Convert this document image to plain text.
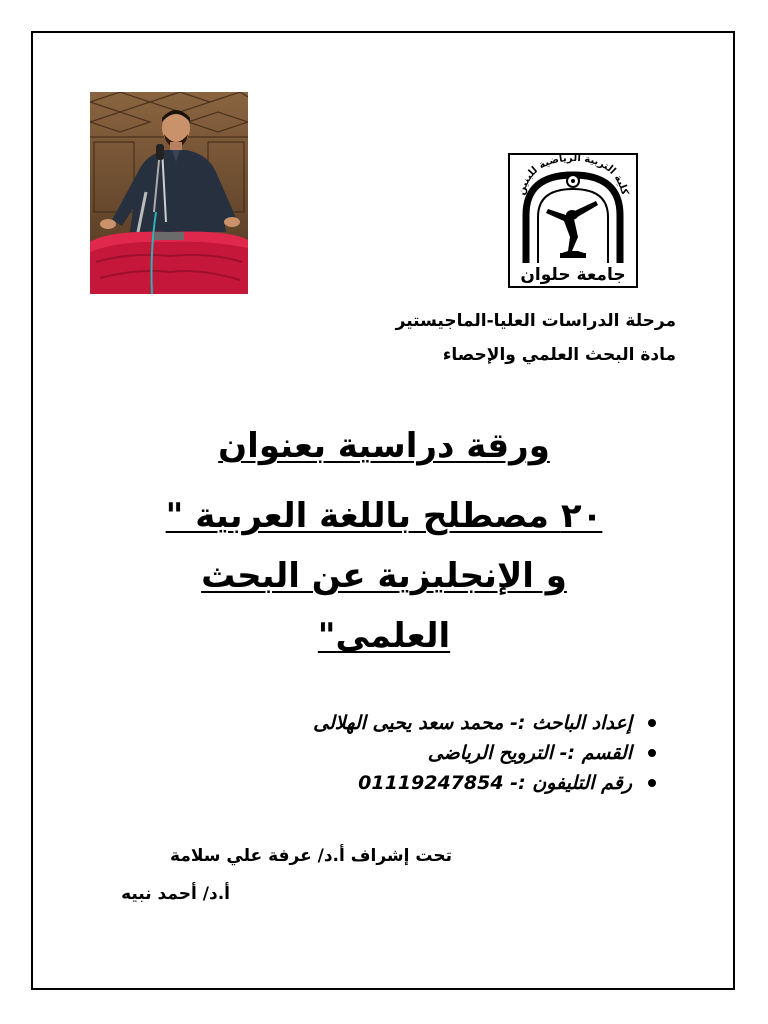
جامعة حلوان
كلية التربية الرياضية للبنين
مرحلة الدراسات العليا-الماجيستير
مادة البحث العلمي والإحصاء
ورقة دراسية بعنوان
٢٠ مصطلح باللغة العربية "
و الإنجليزية عن البحث
العلمى"
إعداد الباحث :- محمد سعد يحيى الهلالى
القسم :- الترويح الرياضى
رقم التليفون :- 01119247854
تحت إشراف أ.د/ عرفة علي سلامة
أ.د/ أحمد نبيه
